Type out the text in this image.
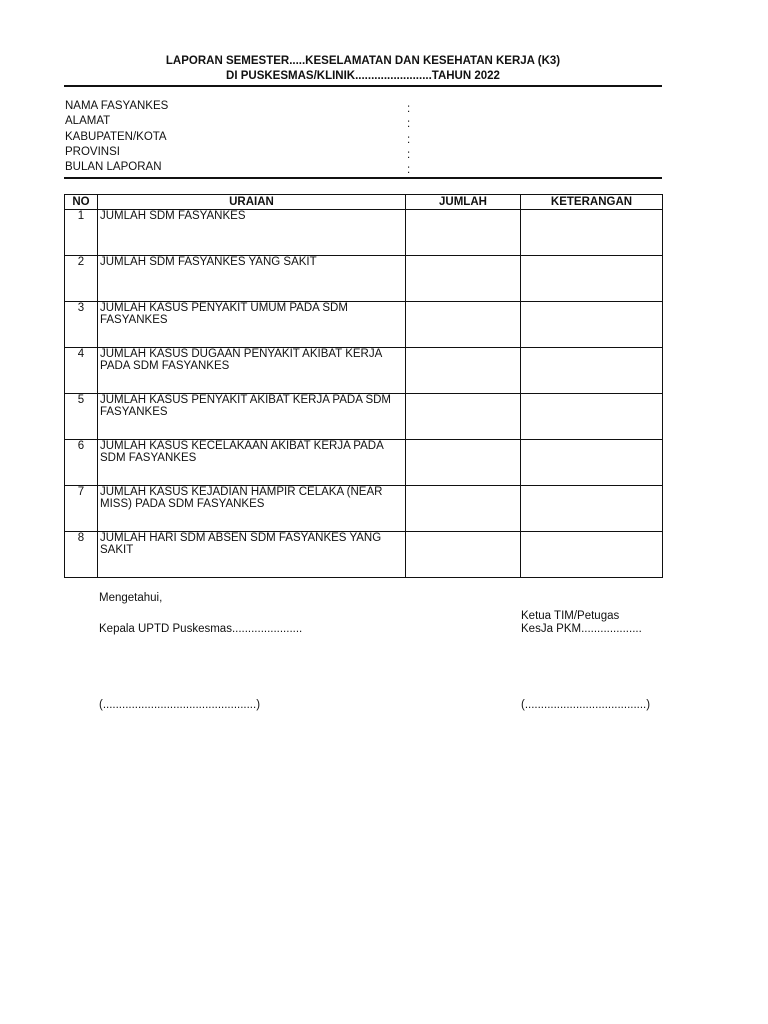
LAPORAN SEMESTER.....KESELAMATAN DAN KESEHATAN KERJA (K3)
DI PUSKESMAS/KLINIK........................TAHUN 2022
NAMA FASYANKES	:
ALAMAT	:
KABUPATEN/KOTA	:
PROVINSI	:
BULAN LAPORAN	:
NO	URAIAN	JUMLAH	KETERANGAN
1	JUMLAH SDM FASYANKES		
2	JUMLAH SDM FASYANKES YANG SAKIT		
3	JUMLAH KASUS PENYAKIT UMUM PADA SDM FASYANKES		
4	JUMLAH KASUS DUGAAN PENYAKIT AKIBAT KERJA PADA SDM FASYANKES		
5	JUMLAH KASUS PENYAKIT AKIBAT KERJA PADA SDM FASYANKES		
6	JUMLAH KASUS KECELAKAAN AKIBAT KERJA PADA SDM FASYANKES		
7	JUMLAH KASUS KEJADIAN HAMPIR CELAKA (NEAR MISS) PADA SDM FASYANKES		
8	JUMLAH HARI SDM ABSEN SDM FASYANKES YANG SAKIT		
Mengetahui,
Kepala UPTD Puskesmas......................
(................................................)
Ketua TIM/Petugas
KesJa PKM...................
(......................................)
